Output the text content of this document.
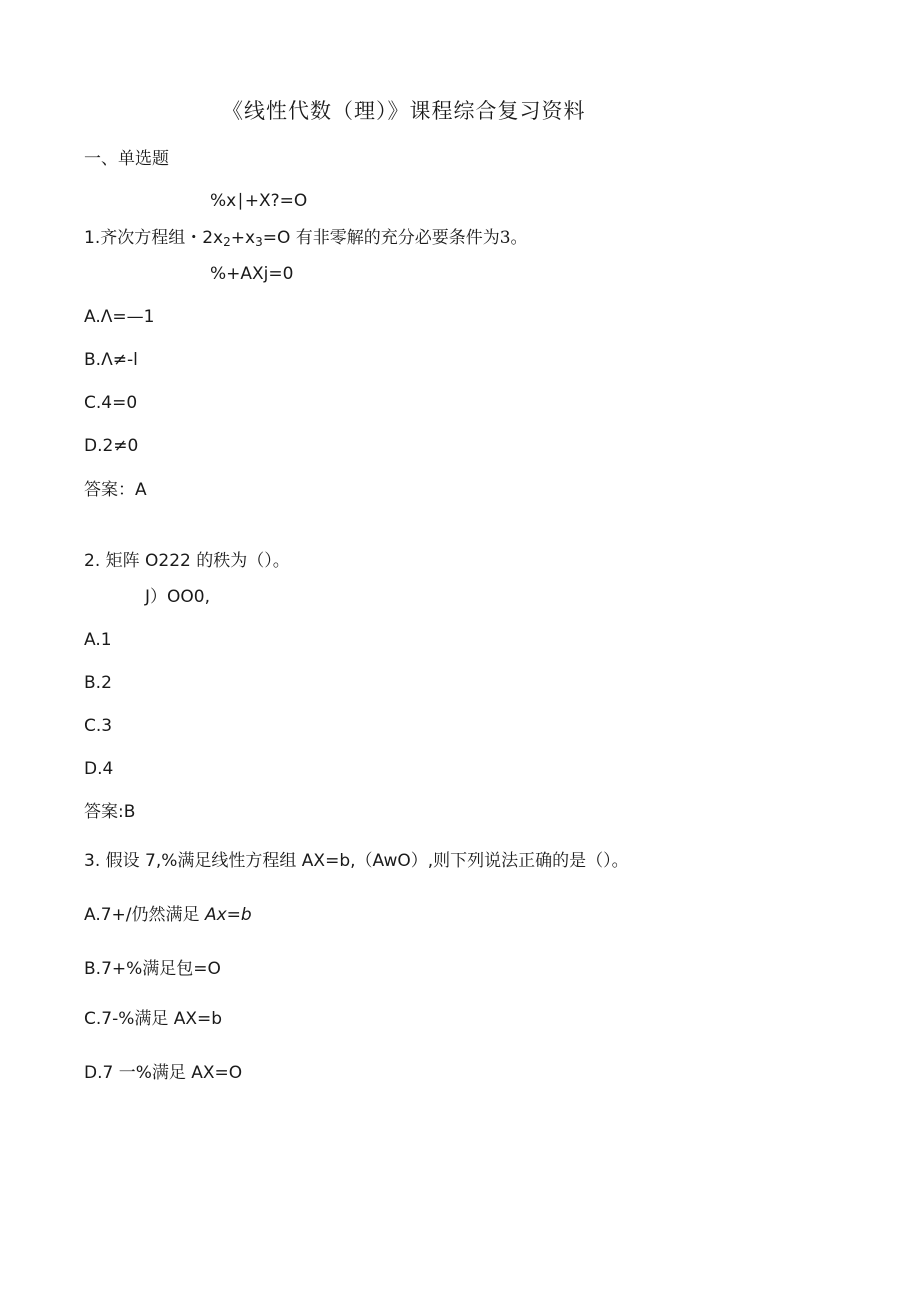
《线性代数（理）》课程综合复习资料
一、单选题
%x∣+X?=O
1.齐次方程组・$2x_2+x_3=O$ 有非零解的充分必要条件为3。
%+AXj=0
A.Λ=—1
B.Λ≠-l
C.4=0
D.2≠0
答案：A
2. 矩阵 O222 的秩为（）。
J）OO0,
A.1
B.2
C.3
D.4
答案:B
3. 假设 7,%满足线性方程组 AX=b,（AwO）,则下列说法正确的是（）。
A.7+/仍然满足 Ax=b
B.7+%满足包=O
C.7-%满足 AX=b
D.7 一%满足 AX=O
